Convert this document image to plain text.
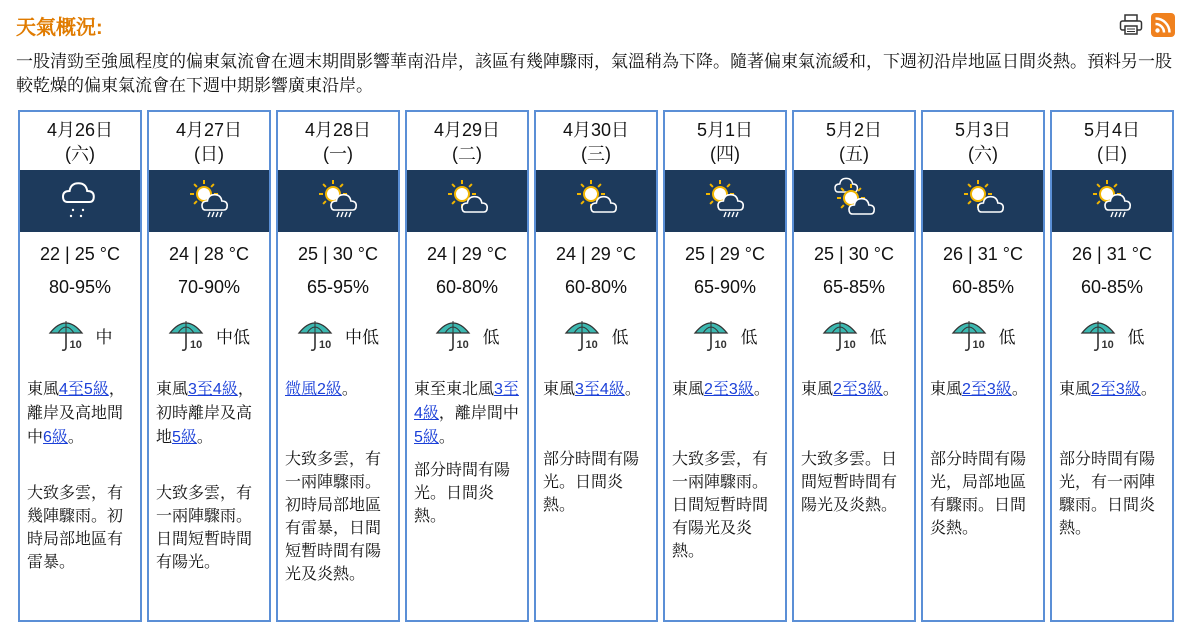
天氣概況:
一股清勁至強風程度的偏東氣流會在週末期間影響華南沿岸，該區有幾陣驟雨，氣溫稍為下降。隨著偏東氣流緩和，下週初沿岸地區日間炎熱。預料另一股較乾燥的偏東氣流會在下週中期影響廣東沿岸。
4月26日
(六)
22 | 25 °C
80-95%
10 中
東風4至5級，離岸及高地間中6級。
大致多雲，有幾陣驟雨。初時局部地區有雷暴。
4月27日
(日)
24 | 28 °C
70-90%
10 中低
東風3至4級，初時離岸及高地5級。
大致多雲，有一兩陣驟雨。日間短暫時間有陽光。
4月28日
(一)
25 | 30 °C
65-95%
10 中低
微風2級。
大致多雲，有一兩陣驟雨。初時局部地區有雷暴，日間短暫時間有陽光及炎熱。
4月29日
(二)
24 | 29 °C
60-80%
10 低
東至東北風3至4級，離岸間中5級。
部分時間有陽光。日間炎熱。
4月30日
(三)
24 | 29 °C
60-80%
10 低
東風3至4級。
部分時間有陽光。日間炎熱。
5月1日
(四)
25 | 29 °C
65-90%
10 低
東風2至3級。
大致多雲，有一兩陣驟雨。日間短暫時間有陽光及炎熱。
5月2日
(五)
25 | 30 °C
65-85%
10 低
東風2至3級。
大致多雲。日間短暫時間有陽光及炎熱。
5月3日
(六)
26 | 31 °C
60-85%
10 低
東風2至3級。
部分時間有陽光，局部地區有驟雨。日間炎熱。
5月4日
(日)
26 | 31 °C
60-85%
10 低
東風2至3級。
部分時間有陽光，有一兩陣驟雨。日間炎熱。
